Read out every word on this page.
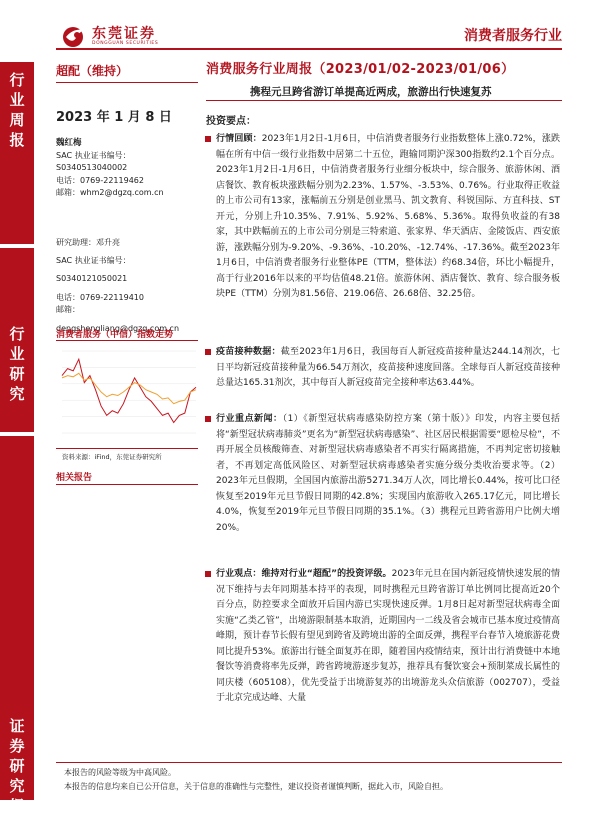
东莞证券
DONGGUAN SECURITIES	消费者服务行业
行业周报
行业研究
证券研究报告
超配（维持）
2023 年 1 月 8 日
魏红梅
SAC 执业证书编号：
S0340513040002
电话：0769-22119462
邮箱：whm2@dgzq.com.cn
研究助理：邓升亮
SAC 执业证书编号：
S0340121050021
电话：0769-22119410
邮箱：
dengshengliang@dgzq.com.cn
消费者服务（中信）指数走势
资料来源：iFind，东莞证券研究所
消费服务行业周报（2023/01/02-2023/01/06）
携程元旦跨省游订单提高近两成，旅游出行快速复苏
投资要点：
行情回顾：2023年1月2日-1月6日，中信消费者服务行业指数整体上涨0.72%，涨跌幅在所有中信一级行业指数中居第二十五位，跑输同期沪深300指数约2.1个百分点。2023年1月2日-1月6日，中信消费者服务行业细分板块中，综合服务、旅游休闲、酒店餐饮、教育板块涨跌幅分别为2.23%、1.57%、-3.53%、0.76%。行业取得正收益的上市公司有13家，涨幅前五分别是创业黑马、凯文教育、科锐国际、方直科技、ST开元，分别上升10.35%、7.91%、5.92%、5.68%、5.36%。取得负收益的有38家，其中跌幅前五的上市公司分别是三特索道、张家界、华天酒店、金陵饭店、西安旅游，涨跌幅分别为-9.20%、-9.36%、-10.20%、-12.74%、-17.36%。截至2023年1月6日，中信消费者服务行业整体PE（TTM，整体法）约68.34倍，环比小幅提升，高于行业2016年以来的平均估值48.21倍。旅游休闲、酒店餐饮、教育、综合服务板块PE（TTM）分别为81.56倍、219.06倍、26.68倍、32.25倍。
疫苗接种数据：截至2023年1月6日，我国每百人新冠疫苗接种量达244.14剂次，七日平均新冠疫苗接种量为66.54万剂次，疫苗接种速度回落。全球每百人新冠疫苗接种总量达165.31剂次，其中每百人新冠疫苗完全接种率达63.44%。
行业重点新闻：（1）《新型冠状病毒感染防控方案（第十版）》印发，内容主要包括将“新型冠状病毒肺炎”更名为“新型冠状病毒感染”、社区居民根据需要“愿检尽检”，不再开展全员核酸筛查、对新型冠状病毒感染者不再实行隔离措施，不再判定密切接触者，不再划定高低风险区、对新型冠状病毒感染者实施分级分类收治要求等。（2）2023年元旦假期，全国国内旅游出游5271.34万人次，同比增长0.44%，按可比口径恢复至2019年元旦节假日同期的42.8%；实现国内旅游收入265.17亿元，同比增长4.0%，恢复至2019年元旦节假日同期的35.1%。（3）携程元旦跨省游用户比例大增20%。
行业观点：维持对行业“超配”的投资评级。2023年元旦在国内新冠疫情快速发展的情况下维持与去年同期基本持平的表现，同时携程元旦跨省游订单比例同比提高近20个百分点，防控要求全面放开后国内游已实现快速反弹。1月8日起对新型冠状病毒全面实施“乙类乙管”，出境游限制基本取消，近期国内一二线及省会城市已基本度过疫情高峰期，预计春节长假有望见到跨省及跨境出游的全面反弹，携程平台春节入境旅游花费同比提升53%。旅游出行链全面复苏在即，随着国内疫情结束，预计出行消费链中本地餐饮等消费将率先反弹，跨省跨境游逐步复苏，推荐具有餐饮宴会+预制菜成长属性的同庆楼（605108），优先受益于出境游复苏的出境游龙头众信旅游（002707），受益于北京完成达峰、大量
相关报告
本报告的风险等级为中高风险。
本报告的信息均来自已公开信息，关于信息的准确性与完整性，建议投资者谨慎判断，据此入市，风险自担。
